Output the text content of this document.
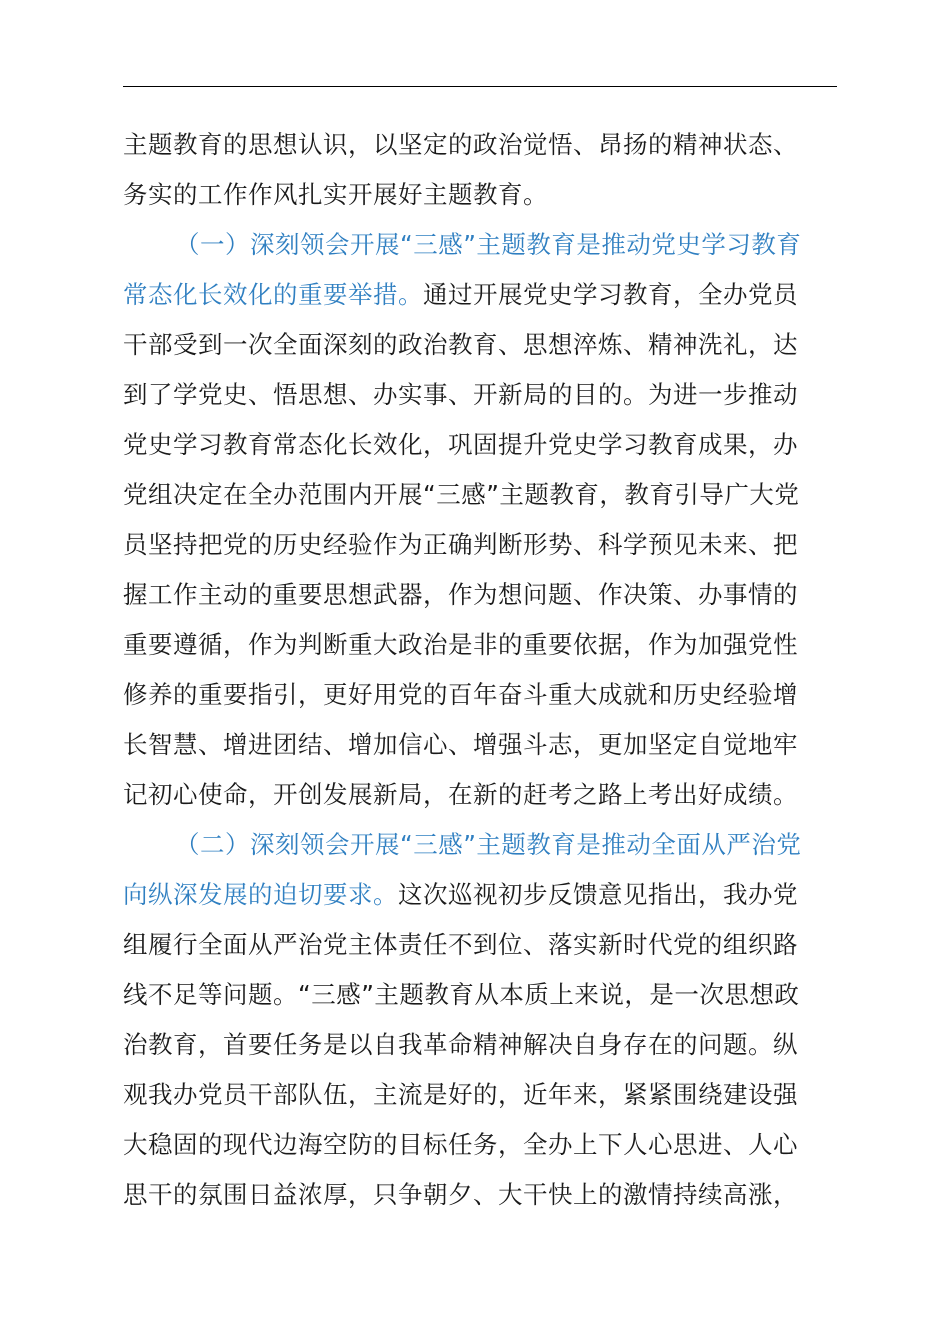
主题教育的思想认识，以坚定的政治觉悟、昂扬的精神状态、
务实的工作作风扎实开展好主题教育。
（一）深刻领会开展“三感”主题教育是推动党史学习教育
常态化长效化的重要举措。通过开展党史学习教育，全办党员
干部受到一次全面深刻的政治教育、思想淬炼、精神洗礼，达
到了学党史、悟思想、办实事、开新局的目的。为进一步推动
党史学习教育常态化长效化，巩固提升党史学习教育成果，办
党组决定在全办范围内开展“三感”主题教育，教育引导广大党
员坚持把党的历史经验作为正确判断形势、科学预见未来、把
握工作主动的重要思想武器，作为想问题、作决策、办事情的
重要遵循，作为判断重大政治是非的重要依据，作为加强党性
修养的重要指引，更好用党的百年奋斗重大成就和历史经验增
长智慧、增进团结、增加信心、增强斗志，更加坚定自觉地牢
记初心使命，开创发展新局，在新的赶考之路上考出好成绩。
（二）深刻领会开展“三感”主题教育是推动全面从严治党
向纵深发展的迫切要求。这次巡视初步反馈意见指出，我办党
组履行全面从严治党主体责任不到位、落实新时代党的组织路
线不足等问题。“三感”主题教育从本质上来说，是一次思想政
治教育，首要任务是以自我革命精神解决自身存在的问题。纵
观我办党员干部队伍，主流是好的，近年来，紧紧围绕建设强
大稳固的现代边海空防的目标任务，全办上下人心思进、人心
思干的氛围日益浓厚，只争朝夕、大干快上的激情持续高涨，
